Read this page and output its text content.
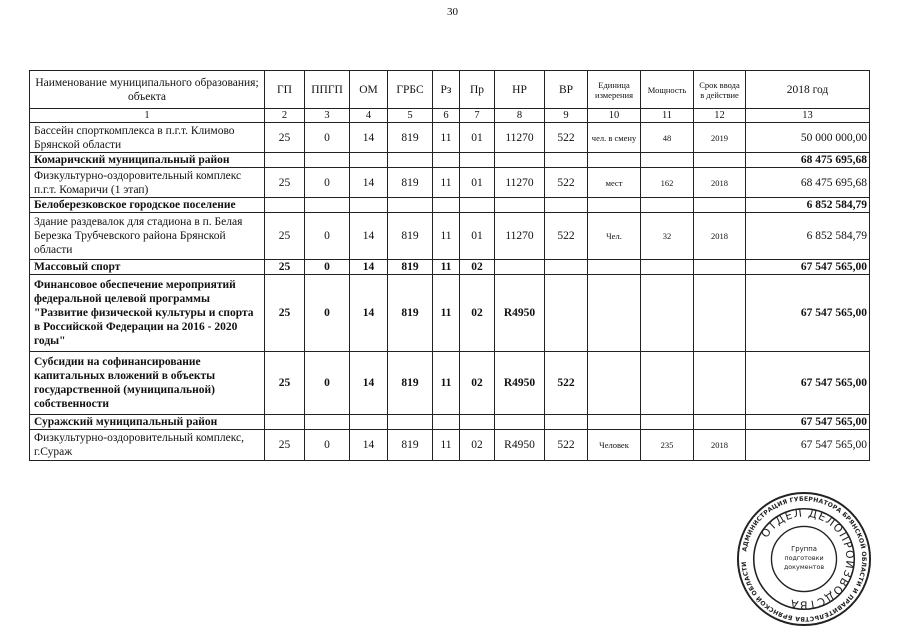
30
Наименование муниципального образования; объекта	ГП	ППГП	ОМ	ГРБС	Рз	Пр	НР	ВР	Единица измерения	Мощность	Срок ввода в действие	2018 год
1	2	3	4	5	6	7	8	9	10	11	12	13
Бассейн спорткомплекса в п.г.т. Климово Брянской области	25	0	14	819	11	01	11270	522	чел. в смену	48	2019	50 000 000,00
Комаричский муниципальный район												68 475 695,68
Физкультурно-оздоровительный комплекс п.г.т. Комаричи (1 этап)	25	0	14	819	11	01	11270	522	мест	162	2018	68 475 695,68
Белоберезковское городское поселение												6 852 584,79
Здание раздевалок для стадиона в п. Белая Березка Трубчевского района Брянской области	25	0	14	819	11	01	11270	522	Чел.	32	2018	6 852 584,79
Массовый спорт	25	0	14	819	11	02						67 547 565,00
Финансовое обеспечение мероприятий федеральной целевой программы "Развитие физической культуры и спорта в Российской Федерации на 2016 - 2020 годы"	25	0	14	819	11	02	R4950					67 547 565,00
Субсидии на софинансирование капитальных вложений в объекты государственной (муниципальной) собственности	25	0	14	819	11	02	R4950	522				67 547 565,00
Суражский муниципальный район												67 547 565,00
Физкультурно-оздоровительный комплекс, г.Сураж	25	0	14	819	11	02	R4950	522	Человек	235	2018	67 547 565,00
АДМИНИСТРАЦИЯ ГУБЕРНАТОРА БРЯНСКОЙ ОБЛАСТИ И ПРАВИТЕЛЬСТВА БРЯНСКОЙ ОБЛАСТИ
ОТДЕЛ ДЕЛОПРОИЗВОДСТВА
Группа
подготовки
документов
